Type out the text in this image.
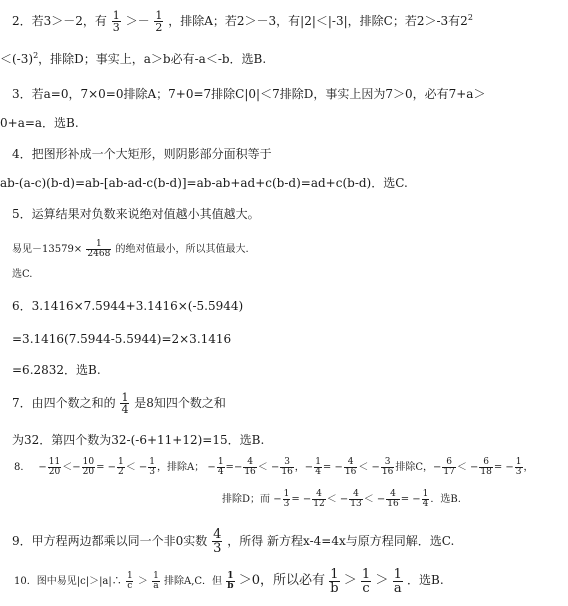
2．若3＞－2，有 $\frac{1}{3} >- \frac{1}{2}$ ，排除A；若2＞－3，有|2|＜|-3|，排除C；若2＞-3有$2^2$
$<(-3)^2$，排除D；事实上，a＞b必有-a＜-b．选B.
3．若a=0，7×0=0排除A；7+0=7排除C|0|＜7排除D，事实上因为7＞0，必有7+a＞
0+a=a．选B.
4．把图形补成一个大矩形，则阴影部分面积等于
ab-(a-c)(b-d)=ab-[ab-ad-c(b-d)]=ab-ab+ad+c(b-d)=ad+c(b-d)．选C.
5．运算结果对负数来说绝对值越小其值越大。
易见$-13579\times \frac{1}{2468}$ 的绝对值最小，所以其值最大.
选C.
6．3.1416×7.5944+3.1416×(-5.5944)
=3.1416(7.5944-5.5944)=2×3.1416
=6.2832．选B.
7．由四个数之和的 $\frac{1}{4}$ 是8知四个数之和
为32．第四个数为32-(-6+11+12)=15．选B.
8． − $\frac{11}{20} <- \frac{10}{20}$ = − $\frac{1}{2}$ ＜ − $\frac{1}{3}$ ，排除A； − $\frac{1}{4} =- \frac{4}{16}$ ＜ − $\frac{3}{16}$ ，− $\frac{1}{4}$ = − $\frac{4}{16}$ ＜ − $\frac{3}{16}$ 排除C，− $\frac{6}{17}$ ＜ − $\frac{6}{18}$ = − $\frac{1}{3}$ ，
排除D；而 − $\frac{1}{3}$ = − $\frac{4}{12}$ ＜ − $\frac{4}{13}$ ＜ − $\frac{4}{16}$ = − $\frac{1}{4}$ ．选B.
9．甲方程两边都乘以同一个非0实数 $\frac{4}{3}$ ，所得 新方程x-4=4x与原方程同解．选C.
10．图中易见|c|＞|a|∴ $\frac{1}{c} > \frac{1}{a}$ 排除A,C．但 $\frac{1}{b} >0$，所以必有 $\frac{1}{b} > \frac{1}{c} > \frac{1}{a}$ ．选B.
